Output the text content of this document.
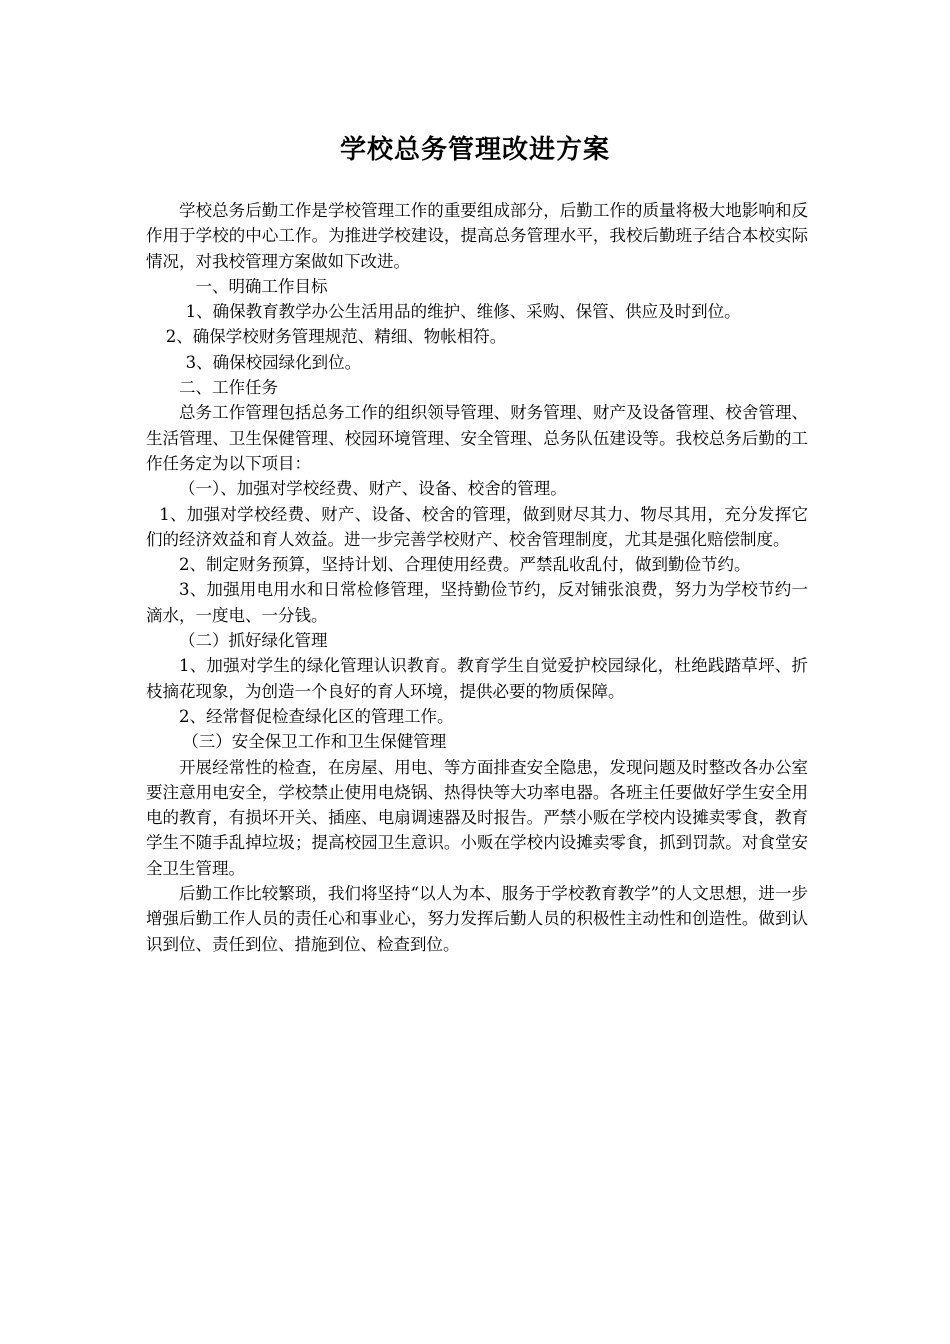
学校总务管理改进方案

学校总务后勤工作是学校管理工作的重要组成部分，后勤工作的质量将极大地影响和反作用于学校的中心工作。为推进学校建设，提高总务管理水平，我校后勤班子结合本校实际情况，对我校管理方案做如下改进。

一、明确工作目标

1、确保教育教学办公生活用品的维护、维修、采购、保管、供应及时到位。

2、确保学校财务管理规范、精细、物帐相符。

3、确保校园绿化到位。

二、工作任务

总务工作管理包括总务工作的组织领导管理、财务管理、财产及设备管理、校舍管理、生活管理、卫生保健管理、校园环境管理、安全管理、总务队伍建设等。我校总务后勤的工作任务定为以下项目：

（一）、加强对学校经费、财产、设备、校舍的管理。

1、加强对学校经费、财产、设备、校舍的管理，做到财尽其力、物尽其用，充分发挥它们的经济效益和育人效益。进一步完善学校财产、校舍管理制度，尤其是强化赔偿制度。

2、制定财务预算，坚持计划、合理使用经费。严禁乱收乱付，做到勤俭节约。

3、加强用电用水和日常检修管理，坚持勤俭节约，反对铺张浪费，努力为学校节约一滴水，一度电、一分钱。

（二）抓好绿化管理

1、加强对学生的绿化管理认识教育。教育学生自觉爱护校园绿化，杜绝践踏草坪、折枝摘花现象，为创造一个良好的育人环境，提供必要的物质保障。

2、经常督促检查绿化区的管理工作。

（三）安全保卫工作和卫生保健管理

开展经常性的检查，在房屋、用电、等方面排查安全隐患，发现问题及时整改各办公室要注意用电安全，学校禁止使用电烧锅、热得快等大功率电器。各班主任要做好学生安全用电的教育，有损坏开关、插座、电扇调速器及时报告。严禁小贩在学校内设摊卖零食，教育学生不随手乱掉垃圾；提高校园卫生意识。小贩在学校内设摊卖零食，抓到罚款。对食堂安全卫生管理。

后勤工作比较繁琐，我们将坚持“以人为本、服务于学校教育教学”的人文思想，进一步增强后勤工作人员的责任心和事业心，努力发挥后勤人员的积极性主动性和创造性。做到认识到位、责任到位、措施到位、检查到位。
